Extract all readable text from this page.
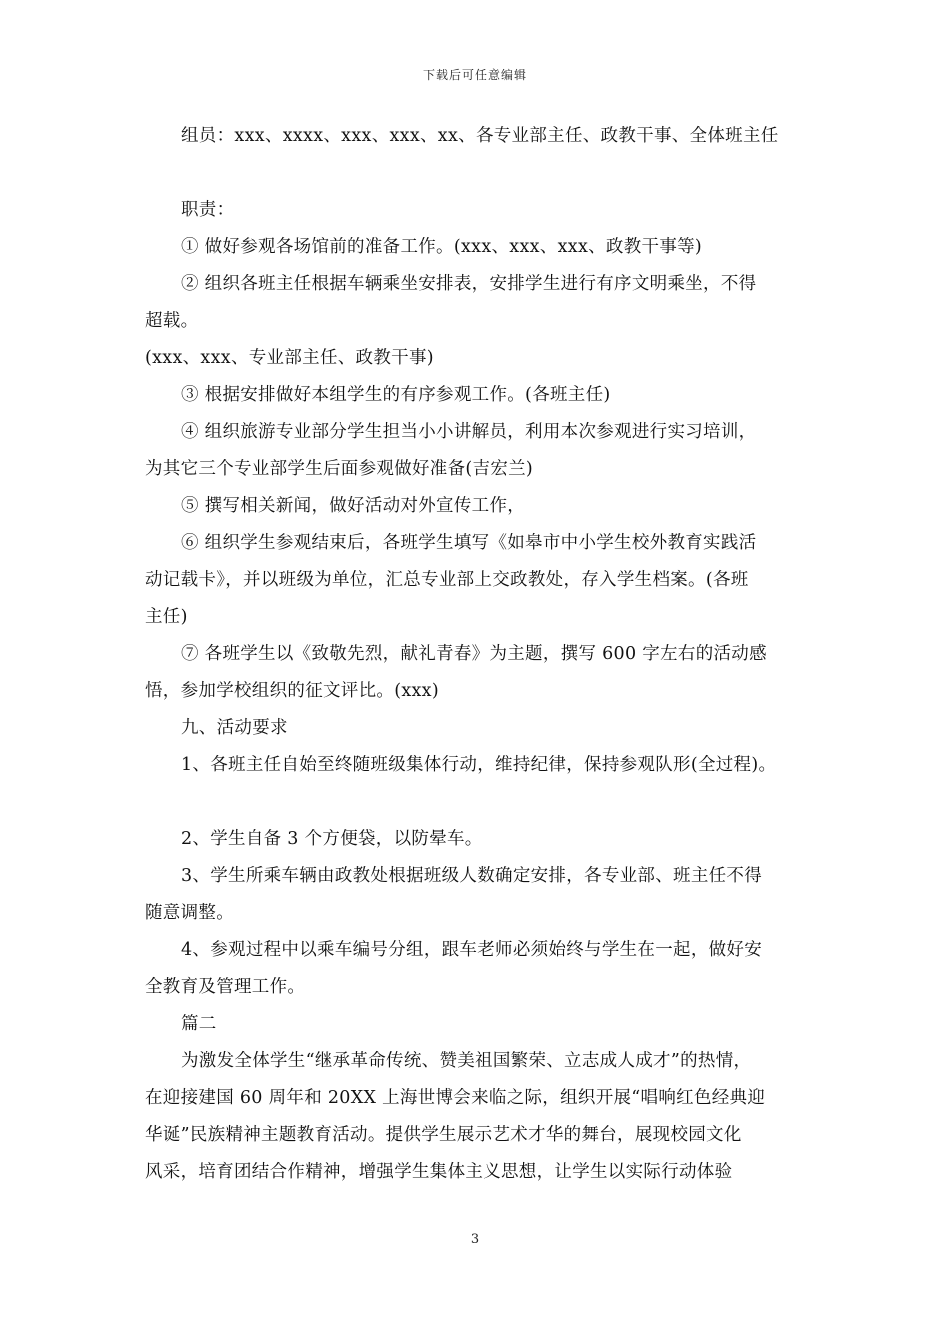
下载后可任意编辑
组员：xxx、xxxx、xxx、xxx、xx、各专业部主任、政教干事、全体班主任
职责：
① 做好参观各场馆前的准备工作。(xxx、xxx、xxx、政教干事等)
② 组织各班主任根据车辆乘坐安排表，安排学生进行有序文明乘坐，不得
超载。
(xxx、xxx、专业部主任、政教干事)
③ 根据安排做好本组学生的有序参观工作。(各班主任)
④ 组织旅游专业部分学生担当小小讲解员，利用本次参观进行实习培训，
为其它三个专业部学生后面参观做好准备(吉宏兰)
⑤ 撰写相关新闻，做好活动对外宣传工作，
⑥ 组织学生参观结束后，各班学生填写《如皋市中小学生校外教育实践活
动记载卡》，并以班级为单位，汇总专业部上交政教处，存入学生档案。(各班
主任)
⑦ 各班学生以《致敬先烈，献礼青春》为主题，撰写 600 字左右的活动感
悟，参加学校组织的征文评比。(xxx)
九、活动要求
1、各班主任自始至终随班级集体行动，维持纪律，保持参观队形(全过程)。
2、学生自备 3 个方便袋，以防晕车。
3、学生所乘车辆由政教处根据班级人数确定安排，各专业部、班主任不得
随意调整。
4、参观过程中以乘车编号分组，跟车老师必须始终与学生在一起，做好安
全教育及管理工作。
篇二
为激发全体学生“继承革命传统、赞美祖国繁荣、立志成人成才”的热情，
在迎接建国 60 周年和 20XX 上海世博会来临之际，组织开展“唱响红色经典迎
华诞”民族精神主题教育活动。提供学生展示艺术才华的舞台，展现校园文化
风采，培育团结合作精神，增强学生集体主义思想，让学生以实际行动体验
3
